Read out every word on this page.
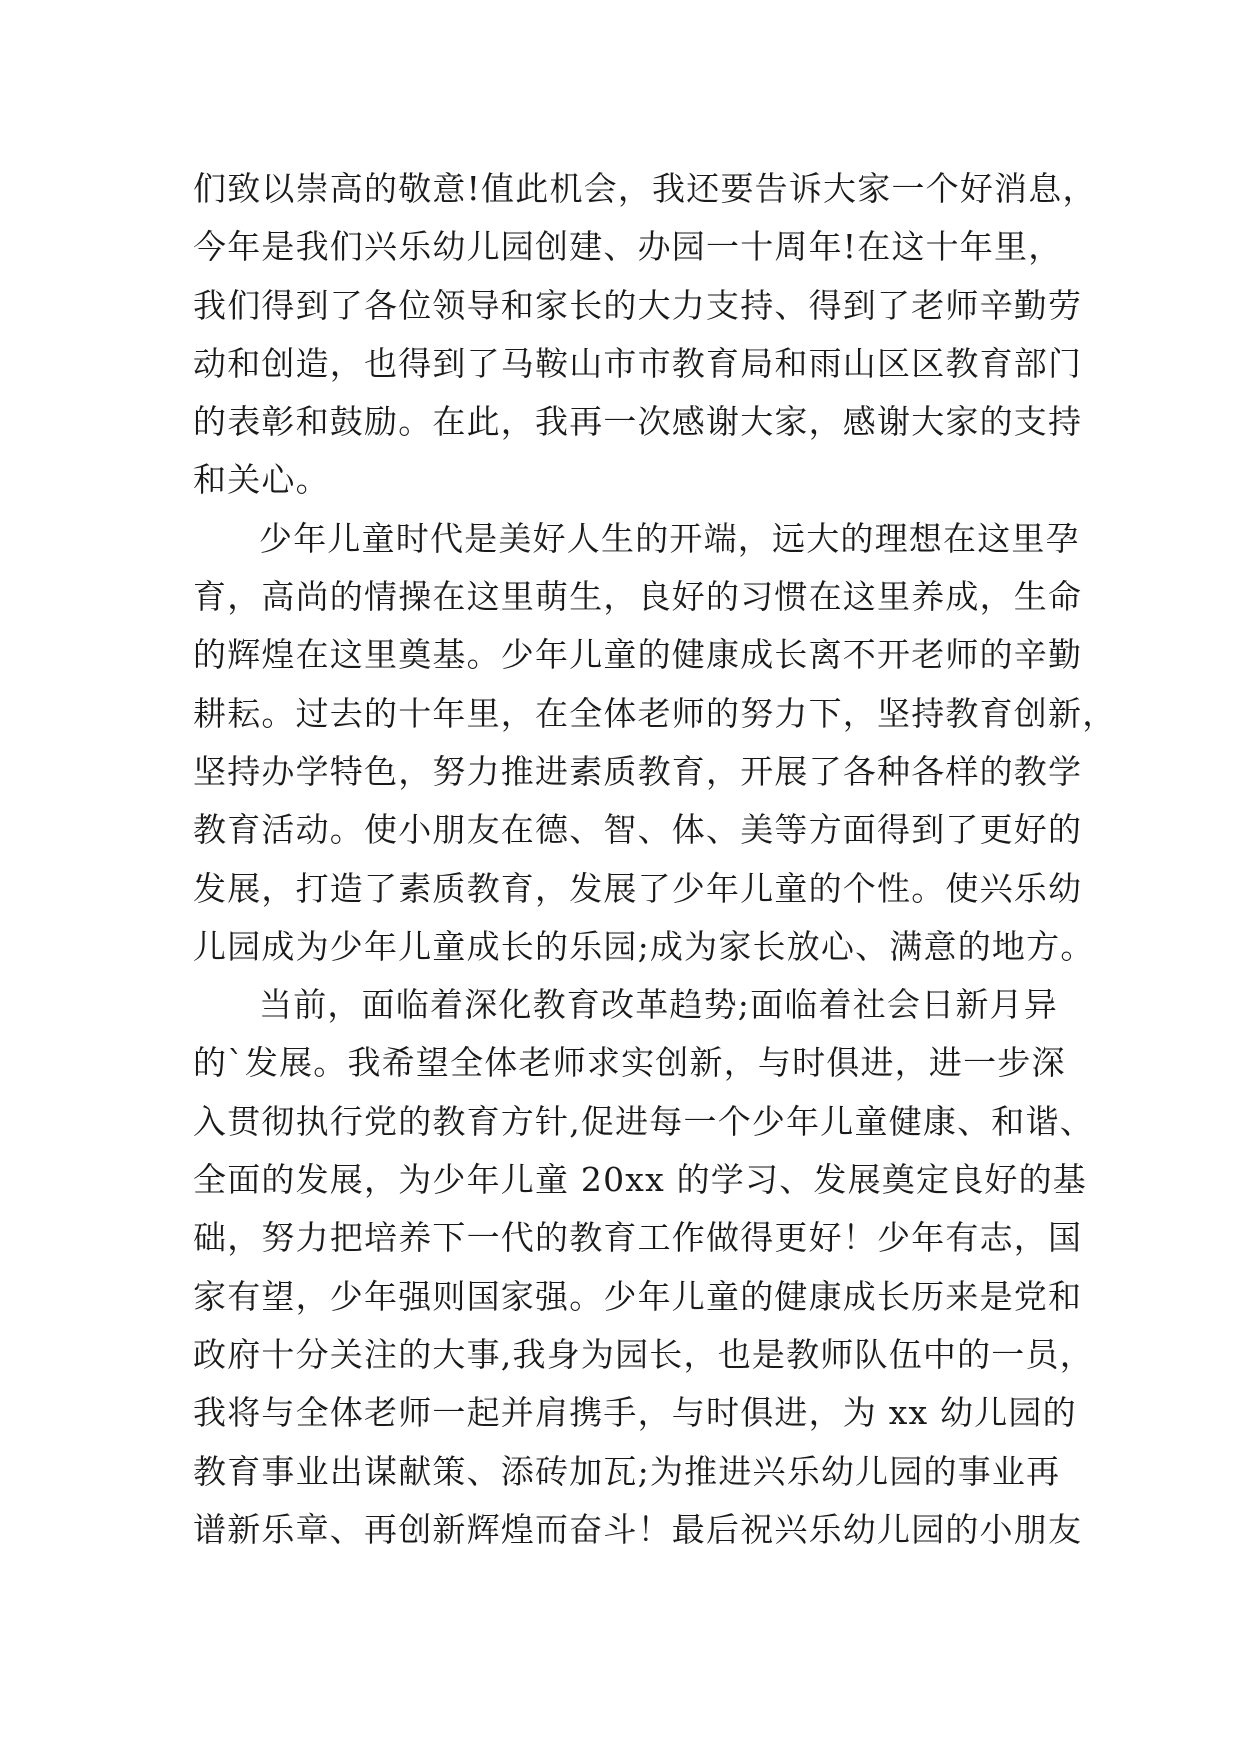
们致以崇高的敬意!值此机会，我还要告诉大家一个好消息，
今年是我们兴乐幼儿园创建、办园一十周年!在这十年里，
我们得到了各位领导和家长的大力支持、得到了老师辛勤劳
动和创造，也得到了马鞍山市市教育局和雨山区区教育部门
的表彰和鼓励。在此，我再一次感谢大家，感谢大家的支持
和关心。
少年儿童时代是美好人生的开端，远大的理想在这里孕
育，高尚的情操在这里萌生，良好的习惯在这里养成，生命
的辉煌在这里奠基。少年儿童的健康成长离不开老师的辛勤
耕耘。过去的十年里，在全体老师的努力下，坚持教育创新，
坚持办学特色，努力推进素质教育，开展了各种各样的教学
教育活动。使小朋友在德、智、体、美等方面得到了更好的
发展，打造了素质教育，发展了少年儿童的个性。使兴乐幼
儿园成为少年儿童成长的乐园;成为家长放心、满意的地方。
当前，面临着深化教育改革趋势;面临着社会日新月异
的`发展。我希望全体老师求实创新，与时俱进，进一步深
入贯彻执行党的教育方针,促进每一个少年儿童健康、和谐、
全面的发展，为少年儿童 20xx 的学习、发展奠定良好的基
础，努力把培养下一代的教育工作做得更好！少年有志，国
家有望，少年强则国家强。少年儿童的健康成长历来是党和
政府十分关注的大事,我身为园长，也是教师队伍中的一员，
我将与全体老师一起并肩携手，与时俱进，为 xx 幼儿园的
教育事业出谋献策、添砖加瓦;为推进兴乐幼儿园的事业再
谱新乐章、再创新辉煌而奋斗！最后祝兴乐幼儿园的小朋友
